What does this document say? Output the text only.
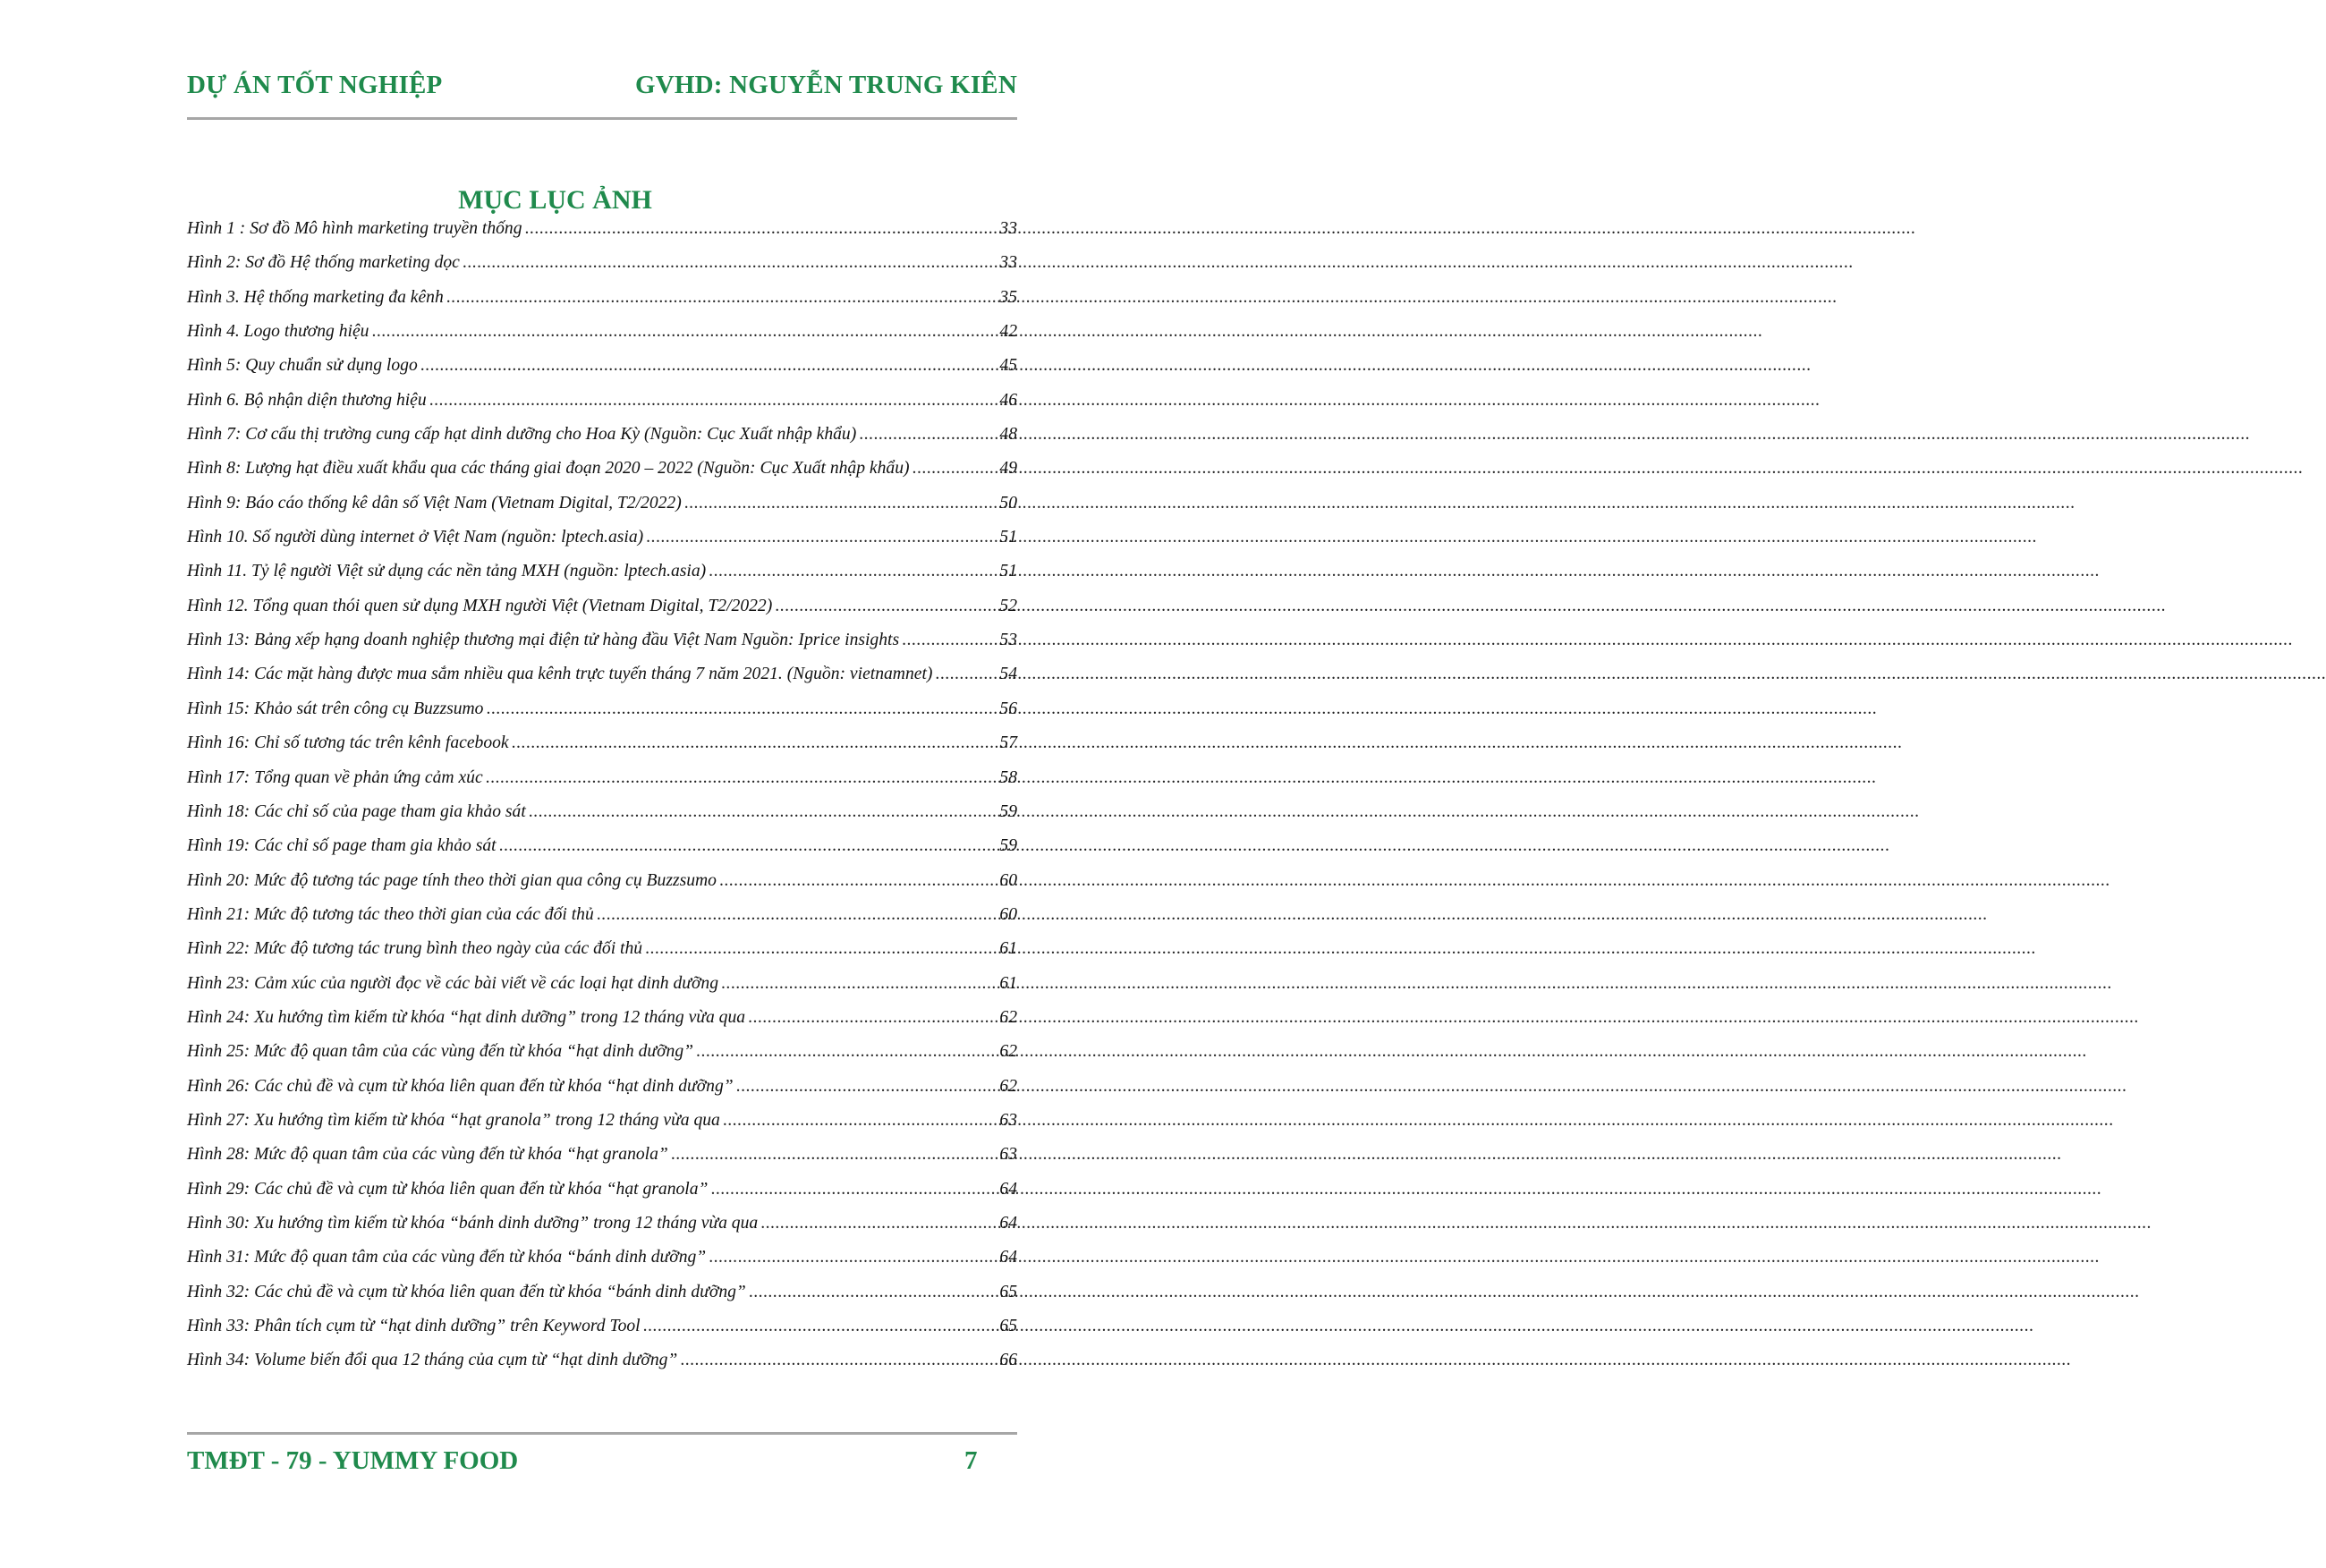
DỰ ÁN TỐT NGHIỆP	GVHD: NGUYỄN TRUNG KIÊN
MỤC LỤC ẢNH
Hình 1 : Sơ đồ Mô hình marketing truyền thống .....	33
Hình 2: Sơ đồ Hệ thống marketing dọc .....	33
Hình 3. Hệ thống marketing đa kênh .....	35
Hình 4. Logo thương hiệu .....	42
Hình 5: Quy chuẩn sử dụng logo .....	45
Hình 6. Bộ nhận diện thương hiệu .....	46
Hình 7: Cơ cấu thị trường cung cấp hạt dinh dưỡng cho Hoa Kỳ (Nguồn: Cục Xuất nhập khẩu) .....	48
Hình 8: Lượng hạt điều xuất khẩu qua các tháng giai đoạn 2020 – 2022 (Nguồn: Cục Xuất nhập khẩu) .....	49
Hình 9: Báo cáo thống kê dân số Việt Nam (Vietnam Digital, T2/2022) .....	50
Hình 10. Số người dùng internet ở Việt Nam (nguồn: lptech.asia) .....	51
Hình 11. Tỷ lệ người Việt sử dụng các nền tảng MXH (nguồn: lptech.asia) .....	51
Hình 12. Tổng quan thói quen sử dụng MXH người Việt (Vietnam Digital, T2/2022) .....	52
Hình 13: Bảng xếp hạng doanh nghiệp thương mại điện tử hàng đầu Việt Nam Nguồn: Iprice insights .....	53
Hình 14: Các mặt hàng được mua sắm nhiều qua kênh trực tuyến tháng 7 năm 2021. (Nguồn: vietnamnet) .....	54
Hình 15: Khảo sát trên công cụ Buzzsumo .....	56
Hình 16: Chỉ số tương tác trên kênh facebook .....	57
Hình 17: Tổng quan về phản ứng cảm xúc .....	58
Hình 18: Các chỉ số của page tham gia khảo sát .....	59
Hình 19: Các chỉ số page tham gia khảo sát .....	59
Hình 20: Mức độ tương tác page tính theo thời gian qua công cụ Buzzsumo .....	60
Hình 21: Mức độ tương tác theo thời gian của các đối thủ .....	60
Hình 22: Mức độ tương tác trung bình theo ngày của các đối thủ .....	61
Hình 23: Cảm xúc của người đọc về các bài viết về các loại hạt dinh dưỡng .....	61
Hình 24: Xu hướng tìm kiếm từ khóa “hạt dinh dưỡng” trong 12 tháng vừa qua .....	62
Hình 25: Mức độ quan tâm của các vùng đến từ khóa “hạt dinh dưỡng” .....	62
Hình 26: Các chủ đề và cụm từ khóa liên quan đến từ khóa “hạt dinh dưỡng” .....	62
Hình 27: Xu hướng tìm kiếm từ khóa “hạt granola” trong 12 tháng vừa qua .....	63
Hình 28: Mức độ quan tâm của các vùng đến từ khóa “hạt granola” .....	63
Hình 29: Các chủ đề và cụm từ khóa liên quan đến từ khóa “hạt granola” .....	64
Hình 30: Xu hướng tìm kiếm từ khóa “bánh dinh dưỡng” trong 12 tháng vừa qua .....	64
Hình 31: Mức độ quan tâm của các vùng đến từ khóa “bánh dinh dưỡng” .....	64
Hình 32: Các chủ đề và cụm từ khóa liên quan đến từ khóa “bánh dinh dưỡng” .....	65
Hình 33: Phân tích cụm từ “hạt dinh dưỡng” trên Keyword Tool .....	65
Hình 34: Volume biến đổi qua 12 tháng của cụm từ “hạt dinh dưỡng” .....	66
TMĐT - 79 - YUMMY FOOD	7
